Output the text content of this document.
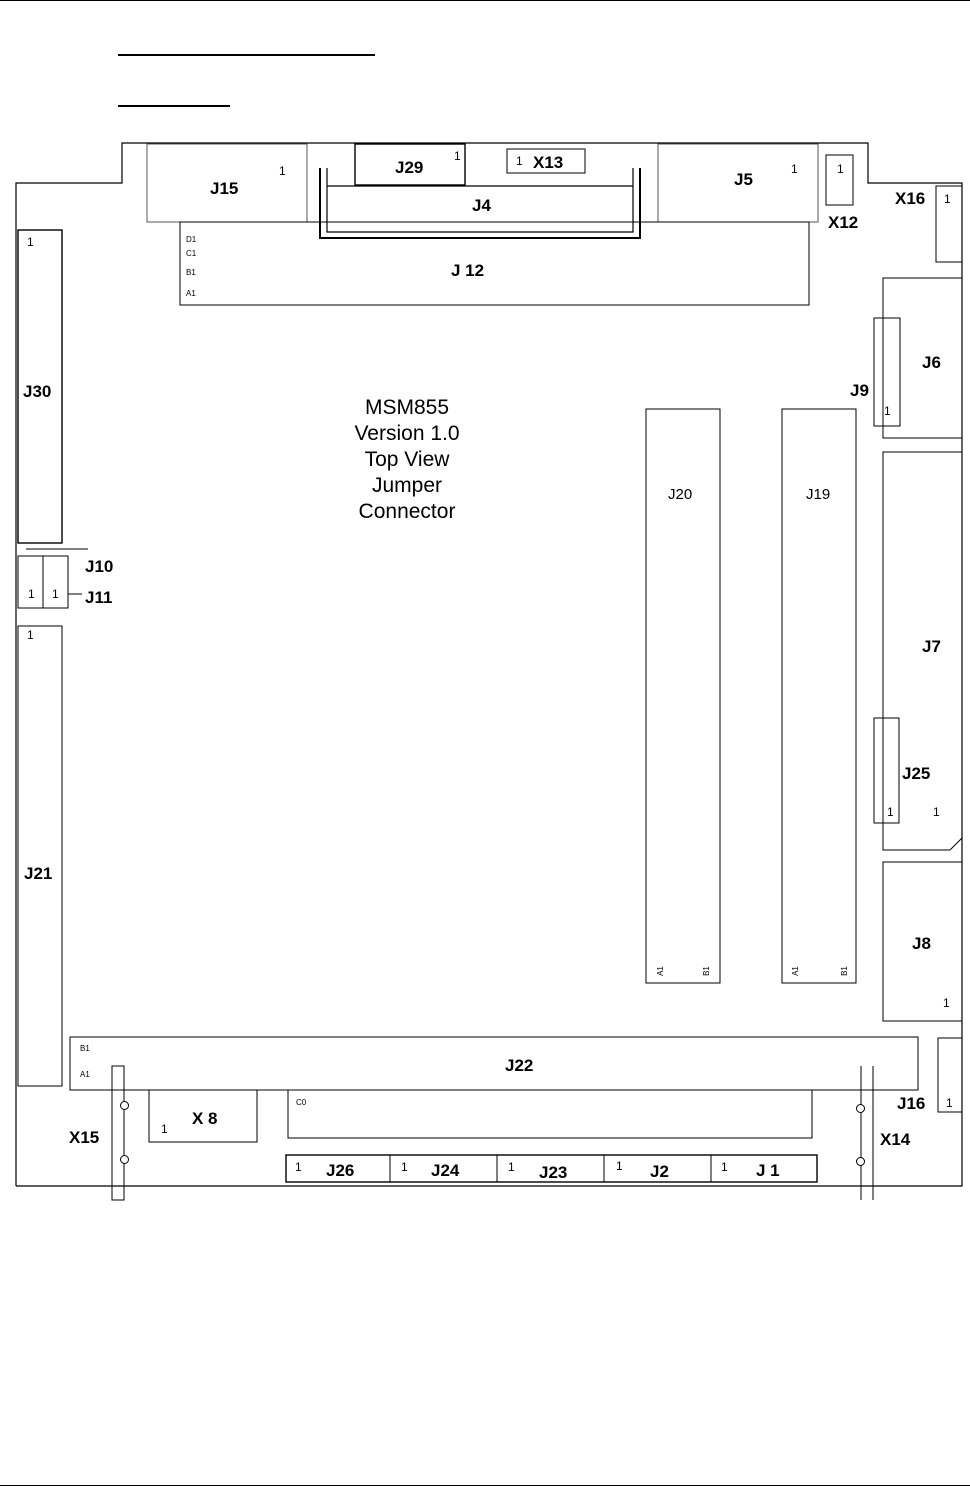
MSM855
Version 1.0
Top View
Jumper
Connector
J15
1	J29
1	1 X13
J4
J5
1	1
X12
X16 1
J 12
D1
C1
B1
A1
1
J30
J6
J9
1
J20	J19
J10
1 1 J11
1
J21
J7
J25
1	1
J8
1
A1	B1	A1	B1
B1
A1	J22
J16 1
X15	1
X 8
C0
X14
1 J26	1 J24	1 J23	1 J2	1 J 1
